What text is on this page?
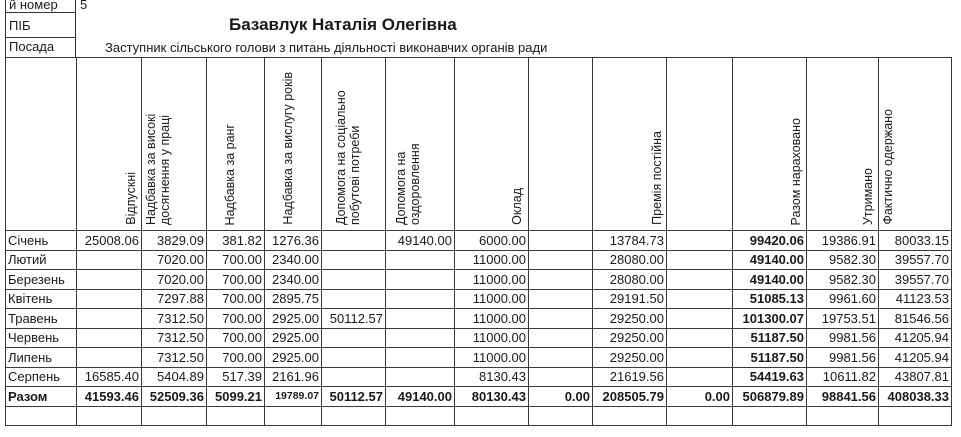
й номер 5
ПІБ	Базавлук Наталія Олегівна
Посада	Заступник сільського голови з питань діяльності виконавчих органів ради
	Відпускні	Надбавка за високі досягнення у праці	Надбавка за ранг	Надбавка за вислугу років	Допомога на соціально побутові потреби	Допомога на оздоровлення	Оклад		Премія постійна		Разом нараховано	Утримано	Фактично одержано
Січень	25008.06	3829.09	381.82	1276.36		49140.00	6000.00		13784.73		99420.06	19386.91	80033.15
Лютий		7020.00	700.00	2340.00			11000.00		28080.00		49140.00	9582.30	39557.70
Березень		7020.00	700.00	2340.00			11000.00		28080.00		49140.00	9582.30	39557.70
Квітень		7297.88	700.00	2895.75			11000.00		29191.50		51085.13	9961.60	41123.53
Травень		7312.50	700.00	2925.00	50112.57		11000.00		29250.00		101300.07	19753.51	81546.56
Червень		7312.50	700.00	2925.00			11000.00		29250.00		51187.50	9981.56	41205.94
Липень		7312.50	700.00	2925.00			11000.00		29250.00		51187.50	9981.56	41205.94
Серпень	16585.40	5404.89	517.39	2161.96			8130.43		21619.56		54419.63	10611.82	43807.81
Разом	41593.46	52509.36	5099.21	19789.07	50112.57	49140.00	80130.43	0.00	208505.79	0.00	506879.89	98841.56	408038.33
